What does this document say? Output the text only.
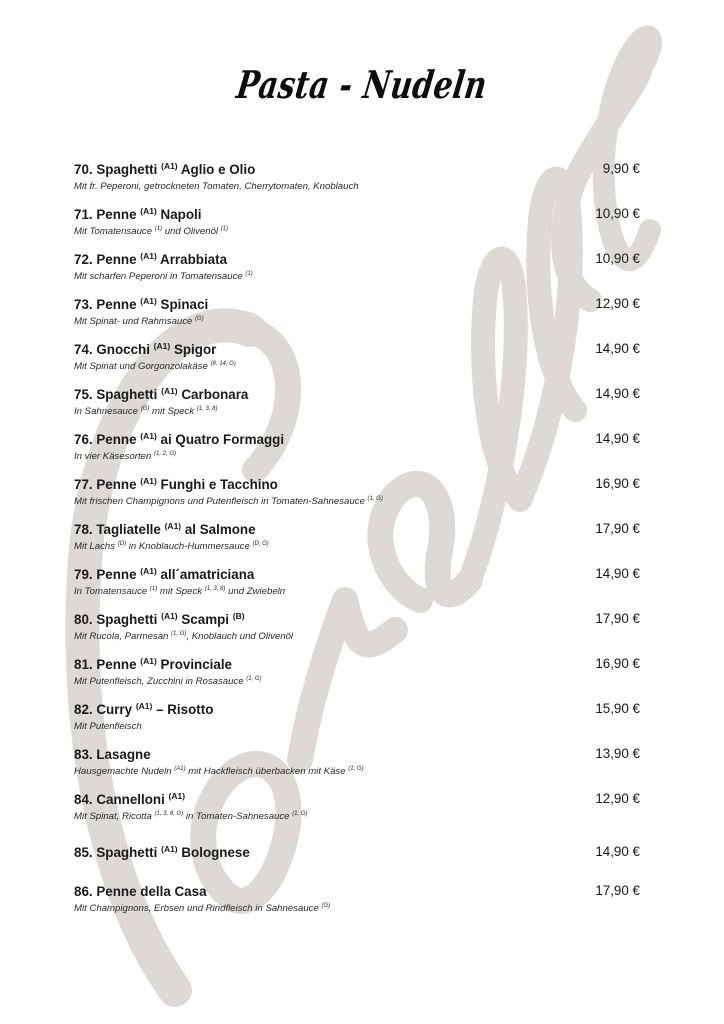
Pasta - Nudeln
70. Spaghetti $^{(A1)}$ Aglio e Olio	9,90 €
Mit fr. Peperoni, getrockneten Tomaten, Cherrytomaten, Knoblauch
71. Penne $^{(A1)}$ Napoli	10,90 €
Mit Tomatensauce $^{(1)}$ und Olivenöl $^{(1)}$
72. Penne $^{(A1)}$ Arrabbiata	10,90 €
Mit scharfen Peperoni in Tomatensauce $^{(1)}$
73. Penne $^{(A1)}$ Spinaci	12,90 €
Mit Spinat- und Rahmsauce $^{(G)}$
74. Gnocchi $^{(A1)}$ Spigor	14,90 €
Mit Spinat und Gorgonzolakäse $^{(8, 14, G)}$
75. Spaghetti $^{(A1)}$ Carbonara	14,90 €
In Sahnesauce $^{(G)}$ mit Speck $^{(1, 3, 8)}$
76. Penne $^{(A1)}$ ai Quatro Formaggi	14,90 €
In vier Käsesorten $^{(1, 2, G)}$
77. Penne $^{(A1)}$ Funghi e Tacchino	16,90 €
Mit frischen Champignons und Putenfleisch in Tomaten-Sahnesauce $^{(1, G)}$
78. Tagliatelle $^{(A1)}$ al Salmone	17,90 €
Mit Lachs $^{(D)}$ in Knoblauch-Hummersauce $^{(D, G)}$
79. Penne $^{(A1)}$ all´amatriciana	14,90 €
In Tomatensauce $^{(1)}$ mit Speck $^{(1, 3, 8)}$ und Zwiebeln
80. Spaghetti $^{(A1)}$ Scampi $^{(B)}$	17,90 €
Mit Rucola, Parmesan $^{(1, G)}$, Knoblauch und Olivenöl
81. Penne $^{(A1)}$ Provinciale	16,90 €
Mit Putenfleisch, Zucchini in Rosasauce $^{(1, G)}$
82. Curry $^{(A1)}$ – Risotto	15,90 €
Mit Putenfleisch
83. Lasagne	13,90 €
Hausgemachte Nudeln $^{(A1)}$ mit Hackfleisch überbacken mit Käse $^{(1, G)}$
84. Cannelloni $^{(A1)}$	12,90 €
Mit Spinat, Ricotta $^{(1, 3, 8, G)}$ in Tomaten-Sahnesauce $^{(1, G)}$
85. Spaghetti $^{(A1)}$ Bolognese	14,90 €
86. Penne della Casa	17,90 €
Mit Champignons, Erbsen und Rindfleisch in Sahnesauce $^{(G)}$
